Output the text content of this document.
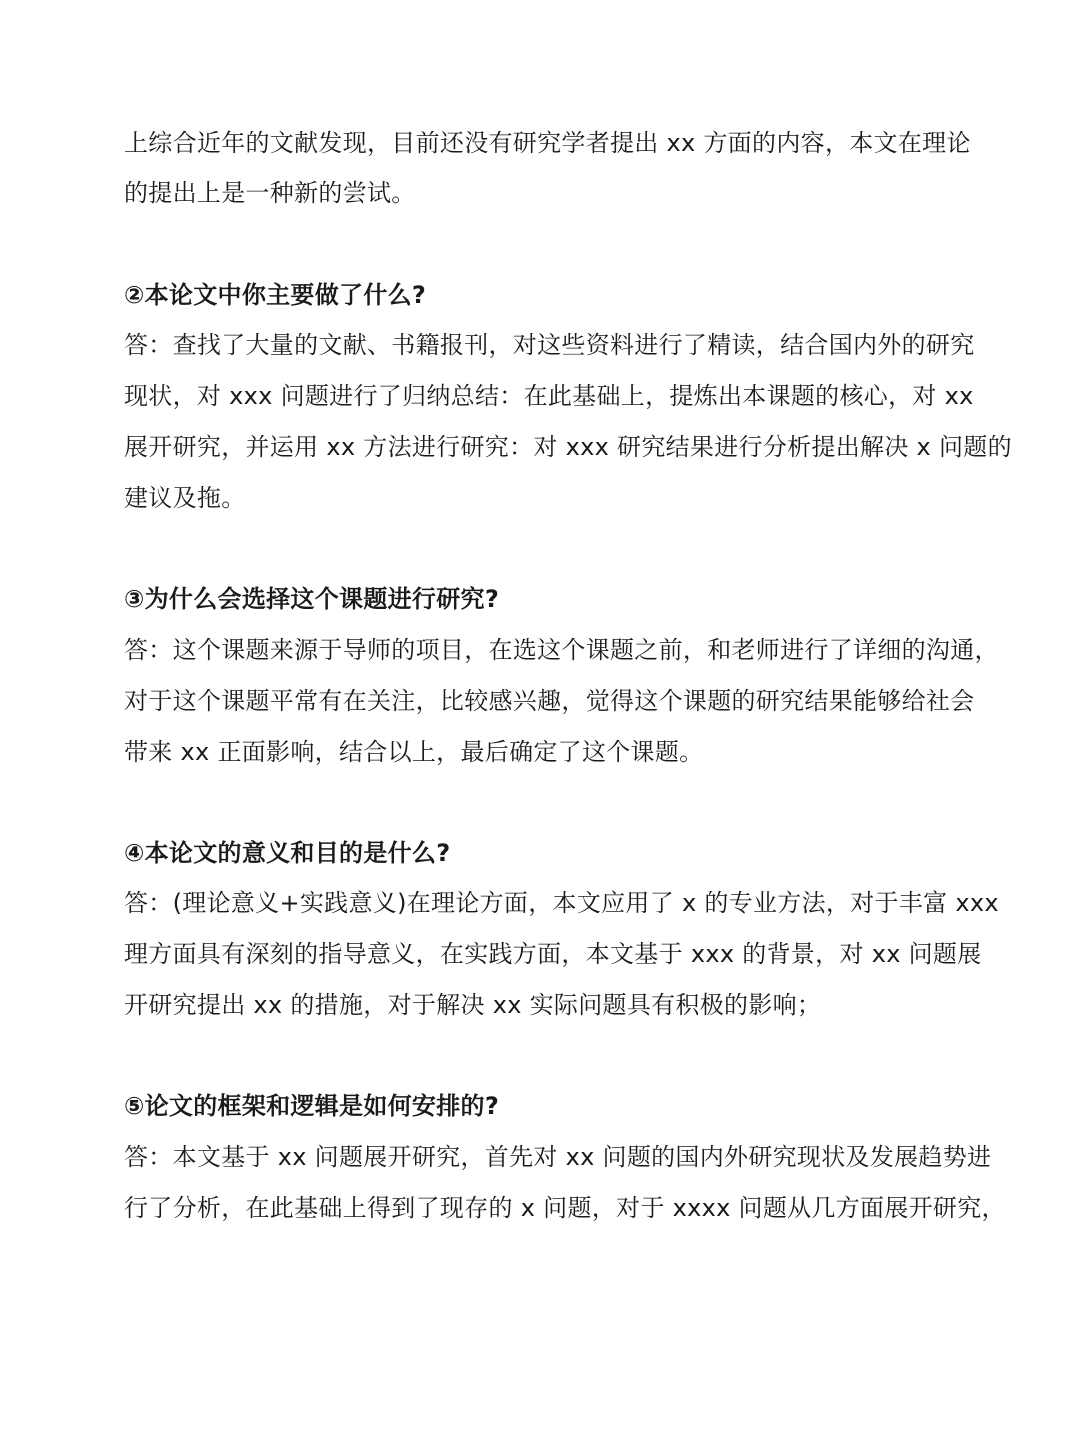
上综合近年的文献发现，目前还没有研究学者提出 xx 方面的内容，本文在理论
的提出上是一种新的尝试。
②本论文中你主要做了什么?
答：查找了大量的文献、书籍报刊，对这些资料进行了精读，结合国内外的研究
现状，对 xxx 问题进行了归纳总结：在此基础上，提炼出本课题的核心，对 xx
展开研究，并运用 xx 方法进行研究：对 xxx 研究结果进行分析提出解决 x 问题的
建议及拖。
③为什么会选择这个课题进行研究?
答：这个课题来源于导师的项目，在选这个课题之前，和老师进行了详细的沟通，
对于这个课题平常有在关注，比较感兴趣，觉得这个课题的研究结果能够给社会
带来 xx 正面影响，结合以上，最后确定了这个课题。
④本论文的意义和目的是什么?
答：(理论意义+实践意义)在理论方面，本文应用了 x 的专业方法，对于丰富 xxx
理方面具有深刻的指导意义，在实践方面，本文基于 xxx 的背景，对 xx 问题展
开研究提出 xx 的措施，对于解决 xx 实际问题具有积极的影响；
⑤论文的框架和逻辑是如何安排的?
答：本文基于 xx 问题展开研究，首先对 xx 问题的国内外研究现状及发展趋势进
行了分析，在此基础上得到了现存的 x 问题，对于 xxxx 问题从几方面展开研究，
